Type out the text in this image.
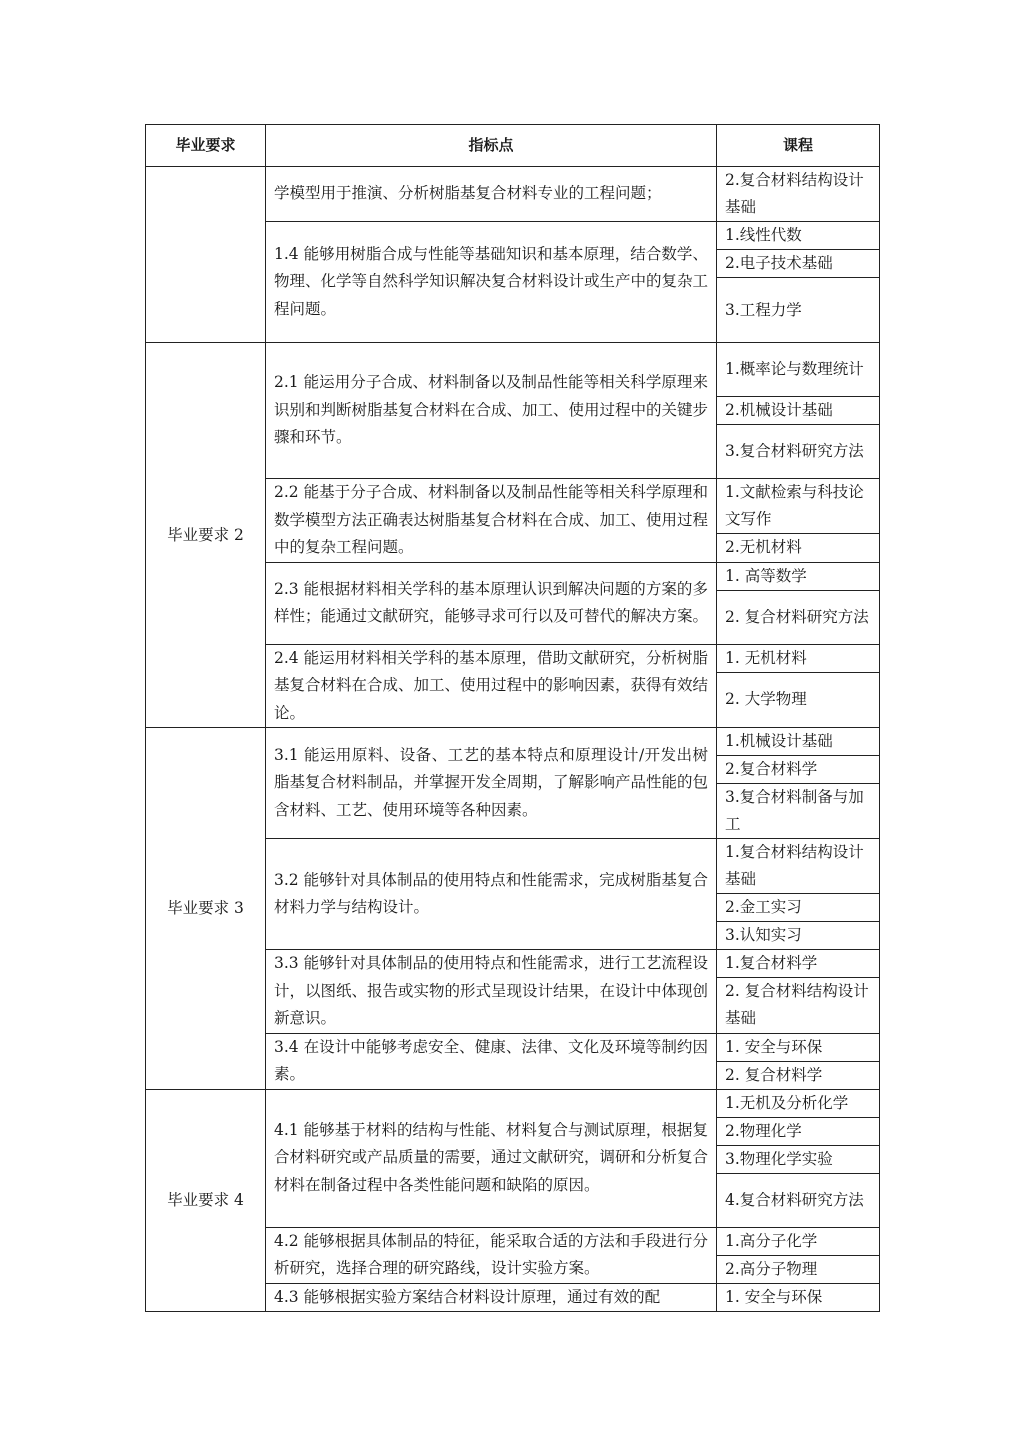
毕业要求	指标点	课程
	学模型用于推演、分析树脂基复合材料专业的工程问题；	2.复合材料结构设计基础
	1.4 能够用树脂合成与性能等基础知识和基本原理，结合数学、物理、化学等自然科学知识解决复合材料设计或生产中的复杂工程问题。	1.线性代数
		2.电子技术基础
		3.工程力学
毕业要求 2	2.1 能运用分子合成、材料制备以及制品性能等相关科学原理来识别和判断树脂基复合材料在合成、加工、使用过程中的关键步骤和环节。	1.概率论与数理统计
		2.机械设计基础
		3.复合材料研究方法
	2.2 能基于分子合成、材料制备以及制品性能等相关科学原理和数学模型方法正确表达树脂基复合材料在合成、加工、使用过程中的复杂工程问题。	1.文献检索与科技论文写作
		2.无机材料
	2.3 能根据材料相关学科的基本原理认识到解决问题的方案的多样性；能通过文献研究，能够寻求可行以及可替代的解决方案。	1. 高等数学
		2. 复合材料研究方法
	2.4 能运用材料相关学科的基本原理，借助文献研究，分析树脂基复合材料在合成、加工、使用过程中的影响因素，获得有效结论。	1. 无机材料
		2. 大学物理
毕业要求 3	3.1 能运用原料、设备、工艺的基本特点和原理设计/开发出树脂基复合材料制品，并掌握开发全周期，了解影响产品性能的包含材料、工艺、使用环境等各种因素。	1.机械设计基础
		2.复合材料学
		3.复合材料制备与加工
	3.2 能够针对具体制品的使用特点和性能需求，完成树脂基复合材料力学与结构设计。	1.复合材料结构设计基础
		2.金工实习
		3.认知实习
	3.3 能够针对具体制品的使用特点和性能需求，进行工艺流程设计，以图纸、报告或实物的形式呈现设计结果，在设计中体现创新意识。	1.复合材料学
		2. 复合材料结构设计基础
	3.4 在设计中能够考虑安全、健康、法律、文化及环境等制约因素。	1. 安全与环保
		2. 复合材料学
毕业要求 4	4.1 能够基于材料的结构与性能、材料复合与测试原理，根据复合材料研究或产品质量的需要，通过文献研究，调研和分析复合材料在制备过程中各类性能问题和缺陷的原因。	1.无机及分析化学
		2.物理化学
		3.物理化学实验
		4.复合材料研究方法
	4.2 能够根据具体制品的特征，能采取合适的方法和手段进行分析研究，选择合理的研究路线，设计实验方案。	1.高分子化学
		2.高分子物理
	4.3 能够根据实验方案结合材料设计原理，通过有效的配	1. 安全与环保
